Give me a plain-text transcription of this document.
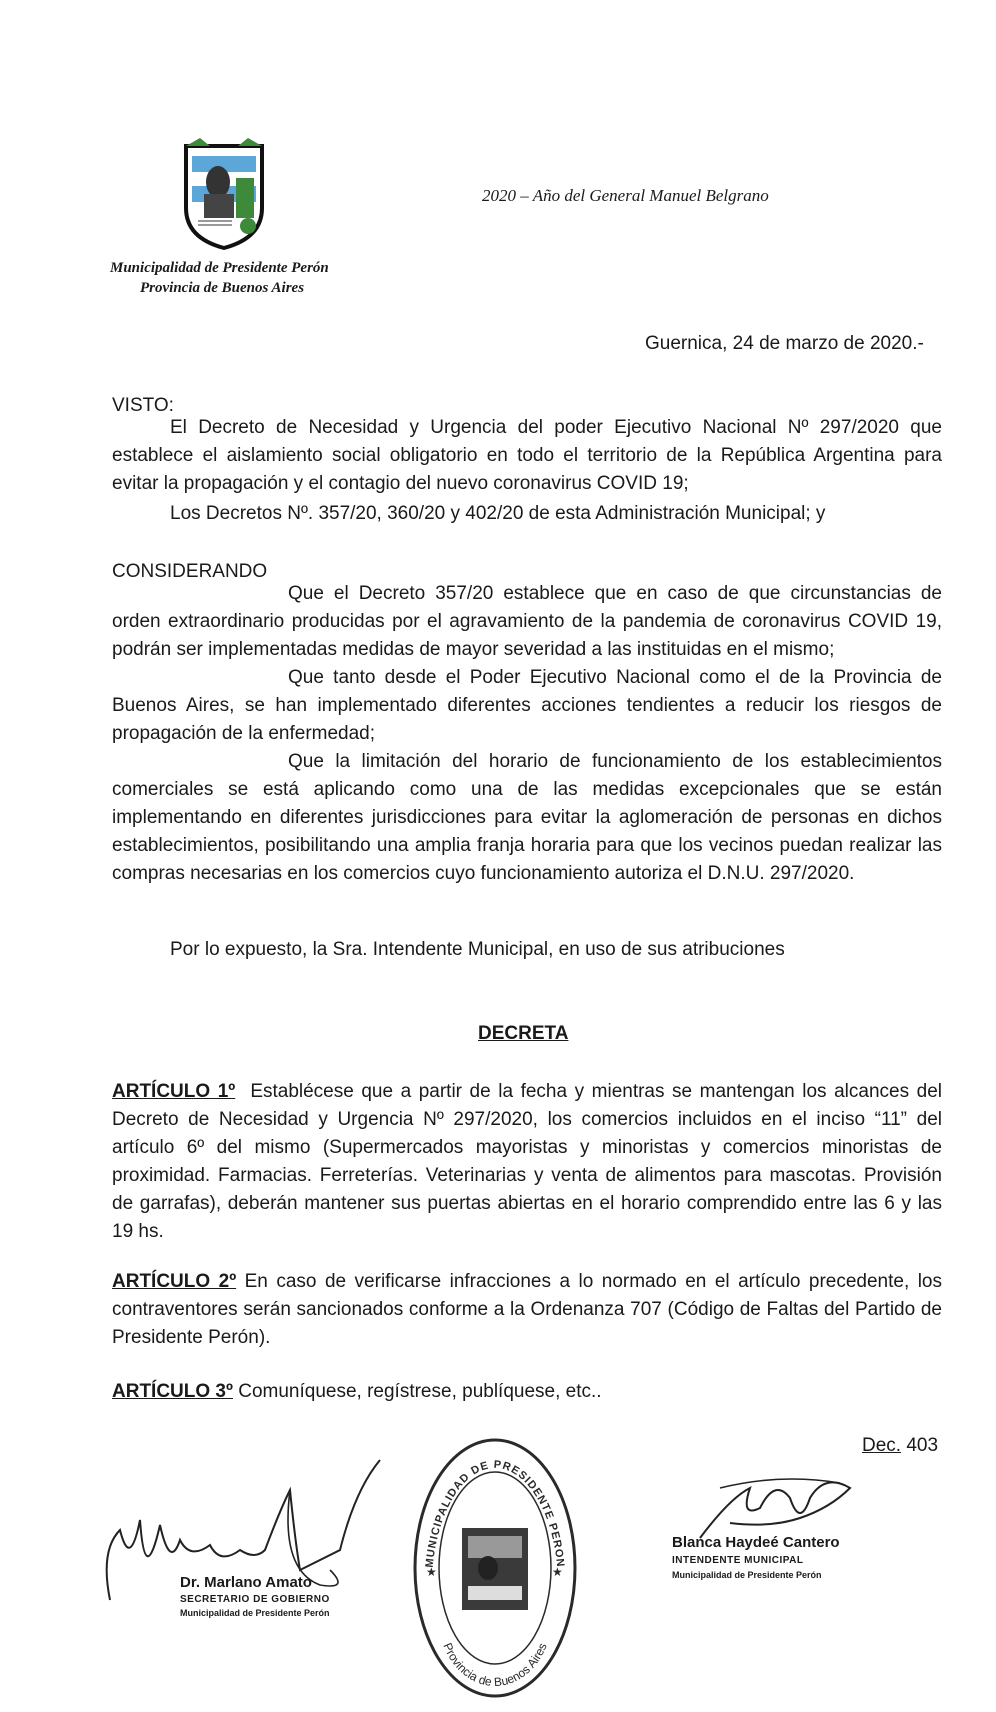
2020 – Año del General Manuel Belgrano
Municipalidad de Presidente Perón
Provincia de Buenos Aires
Guernica, 24 de marzo de 2020.-
VISTO:
El Decreto de Necesidad y Urgencia del poder Ejecutivo Nacional Nº 297/2020 que establece el aislamiento social obligatorio en todo el territorio de la República Argentina para evitar la propagación y el contagio del nuevo coronavirus COVID 19;
Los Decretos Nº. 357/20, 360/20 y 402/20 de esta Administración Municipal; y
CONSIDERANDO
Que el Decreto 357/20 establece que en caso de que circunstancias de orden extraordinario producidas por el agravamiento de la pandemia de coronavirus COVID 19, podrán ser implementadas medidas de mayor severidad a las instituidas en el mismo;
Que tanto desde el Poder Ejecutivo Nacional como el de la Provincia de Buenos Aires, se han implementado diferentes acciones tendientes a reducir los riesgos de propagación de la enfermedad;
Que la limitación del horario de funcionamiento de los establecimientos comerciales se está aplicando como una de las medidas excepcionales que se están implementando en diferentes jurisdicciones para evitar la aglomeración de personas en dichos establecimientos, posibilitando una amplia franja horaria para que los vecinos puedan realizar las compras necesarias en los comercios cuyo funcionamiento autoriza el D.N.U. 297/2020.
Por lo expuesto, la Sra. Intendente Municipal, en uso de sus atribuciones
DECRETA
ARTÍCULO 1º Establécese que a partir de la fecha y mientras se mantengan los alcances del Decreto de Necesidad y Urgencia Nº 297/2020, los comercios incluidos en el inciso “11” del artículo 6º del mismo (Supermercados mayoristas y minoristas y comercios minoristas de proximidad. Farmacias. Ferreterías. Veterinarias y venta de alimentos para mascotas. Provisión de garrafas), deberán mantener sus puertas abiertas en el horario comprendido entre las 6 y las 19 hs.
ARTÍCULO 2º En caso de verificarse infracciones a lo normado en el artículo precedente, los contraventores serán sancionados conforme a la Ordenanza 707 (Código de Faltas del Partido de Presidente Perón).
ARTÍCULO 3º Comuníquese, regístrese, publíquese, etc..
Dec. 403
Dr. Marlano Amato
SECRETARIO DE GOBIERNO
Municipalidad de Presidente Perón
MUNICIPALIDAD DE PRESIDENTE PERON
Provincia de Buenos Aires
★	★
Blanca Haydeé Cantero
INTENDENTE MUNICIPAL
Municipalidad de Presidente Perón
